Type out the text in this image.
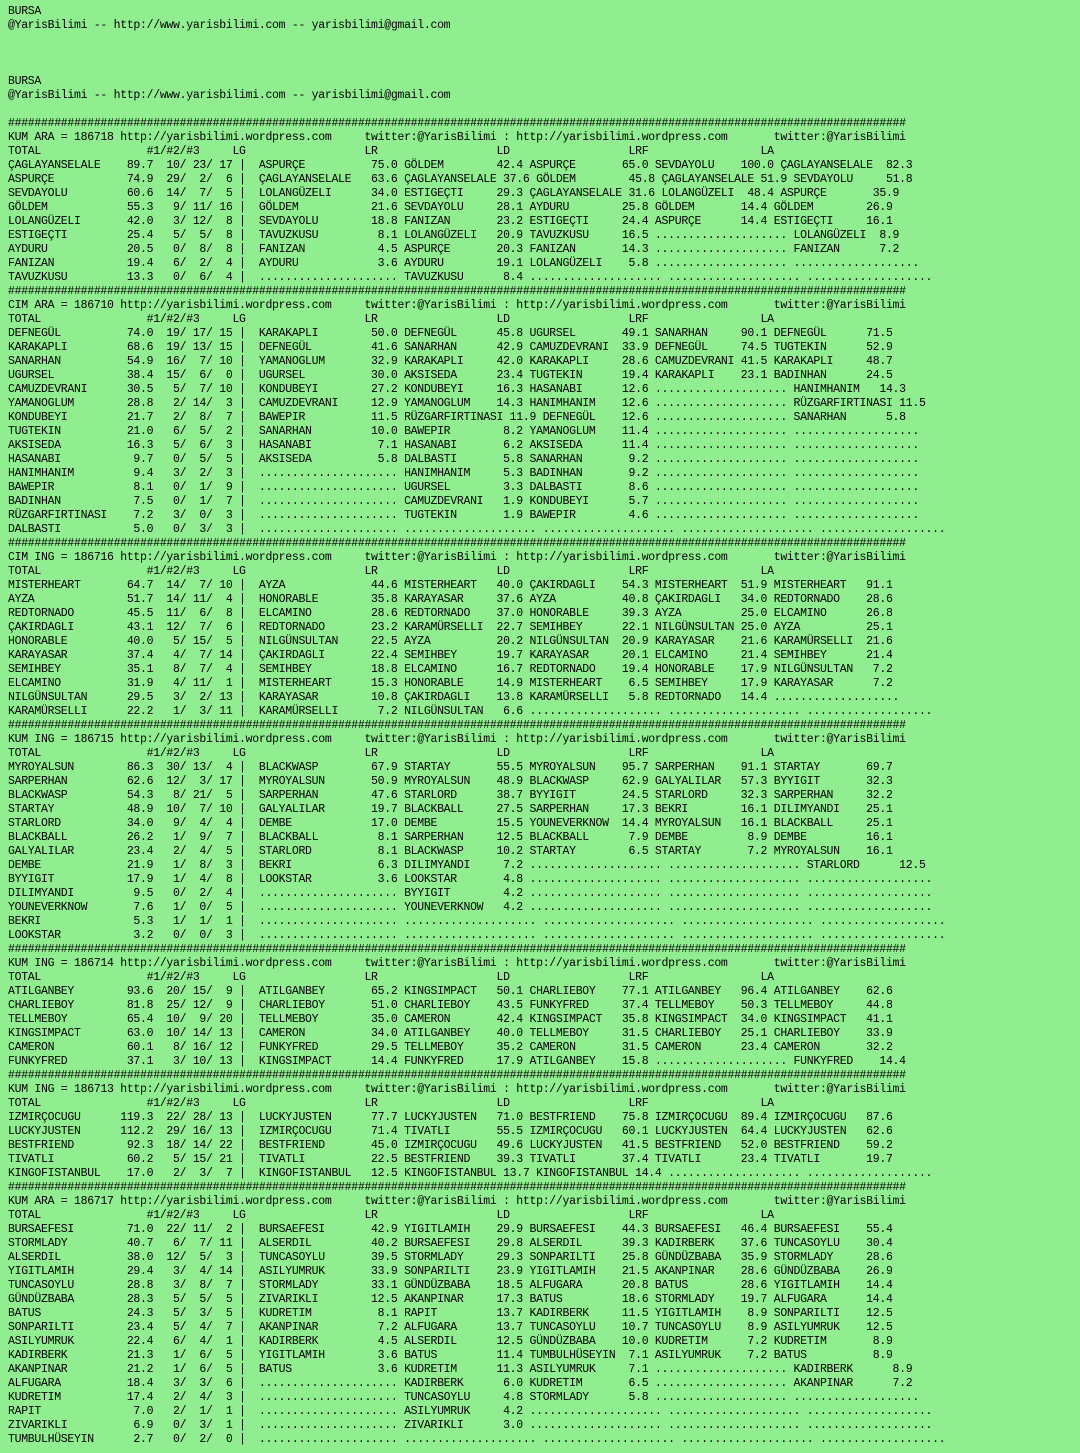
BURSA
@YarisBilimi -- http://www.yarisbilimi.com -- yarisbilimi@gmail.com

BURSA
@YarisBilimi -- http://www.yarisbilimi.com -- yarisbilimi@gmail.com

########################################################################################################################################
KUM ARA = 186718 http://yarisbilimi.wordpress.com     twitter:@YarisBilimi : http://yarisbilimi.wordpress.com       twitter:@YarisBilimi
TOTAL                #1/#2/#3     LG                  LR                  LD                  LRF                 LA
ÇAGLAYANSELALE    89.7  10/ 23/ 17 |  ASPURÇE          75.0 GÖLDEM        42.4 ASPURÇE       65.0 SEVDAYOLU    100.0 ÇAGLAYANSELALE  82.3
ASPURÇE           74.9  29/  2/  6 |  ÇAGLAYANSELALE   63.6 ÇAGLAYANSELALE 37.6 GÖLDEM        45.8 ÇAGLAYANSELALE 51.9 SEVDAYOLU     51.8
SEVDAYOLU         60.6  14/  7/  5 |  LOLANGÜZELI      34.0 ESTIGEÇTI     29.3 ÇAGLAYANSELALE 31.6 LOLANGÜZELI  48.4 ASPURÇE       35.9
GÖLDEM            55.3   9/ 11/ 16 |  GÖLDEM           21.6 SEVDAYOLU     28.1 AYDURU        25.8 GÖLDEM       14.4 GÖLDEM        26.9
LOLANGÜZELI       42.0   3/ 12/  8 |  SEVDAYOLU        18.8 FANIZAN       23.2 ESTIGEÇTI     24.4 ASPURÇE      14.4 ESTIGEÇTI     16.1
ESTIGEÇTI         25.4   5/  5/  8 |  TAVUZKUSU         8.1 LOLANGÜZELI   20.9 TAVUZKUSU     16.5 .................... LOLANGÜZELI  8.9
AYDURU            20.5   0/  8/  8 |  FANIZAN           4.5 ASPURÇE       20.3 FANIZAN       14.3 .................... FANIZAN      7.2
FANIZAN           19.4   6/  2/  4 |  AYDURU            3.6 AYDURU        19.1 LOLANGÜZELI    5.8 .................... ...................
TAVUZKUSU         13.3   0/  6/  4 |  ..................... TAVUZKUSU      8.4 .................... .................... ...................
########################################################################################################################################
CIM ARA = 186710 http://yarisbilimi.wordpress.com     twitter:@YarisBilimi : http://yarisbilimi.wordpress.com       twitter:@YarisBilimi
TOTAL                #1/#2/#3     LG                  LR                  LD                  LRF                 LA
DEFNEGÜL          74.0  19/ 17/ 15 |  KARAKAPLI        50.0 DEFNEGÜL      45.8 UGURSEL       49.1 SANARHAN     90.1 DEFNEGÜL      71.5
KARAKAPLI         68.6  19/ 13/ 15 |  DEFNEGÜL         41.6 SANARHAN      42.9 CAMUZDEVRANI  33.9 DEFNEGÜL     74.5 TUGTEKIN      52.9
SANARHAN          54.9  16/  7/ 10 |  YAMANOGLUM       32.9 KARAKAPLI     42.0 KARAKAPLI     28.6 CAMUZDEVRANI 41.5 KARAKAPLI     48.7
UGURSEL           38.4  15/  6/  0 |  UGURSEL          30.0 AKSISEDA      23.4 TUGTEKIN      19.4 KARAKAPLI    23.1 BADINHAN      24.5
CAMUZDEVRANI      30.5   5/  7/ 10 |  KONDUBEYI        27.2 KONDUBEYI     16.3 HASANABI      12.6 .................... HANIMHANIM   14.3
YAMANOGLUM        28.8   2/ 14/  3 |  CAMUZDEVRANI     12.9 YAMANOGLUM    14.3 HANIMHANIM    12.6 .................... RÜZGARFIRTINASI 11.5
KONDUBEYI         21.7   2/  8/  7 |  BAWEPIR          11.5 RÜZGARFIRTINASI 11.9 DEFNEGÜL    12.6 .................... SANARHAN      5.8
TUGTEKIN          21.0   6/  5/  2 |  SANARHAN         10.0 BAWEPIR        8.2 YAMANOGLUM    11.4 .................... ...................
AKSISEDA          16.3   5/  6/  3 |  HASANABI          7.1 HASANABI       6.2 AKSISEDA      11.4 .................... ...................
HASANABI           9.7   0/  5/  5 |  AKSISEDA          5.8 DALBASTI       5.8 SANARHAN       9.2 .................... ...................
HANIMHANIM         9.4   3/  2/  3 |  ..................... HANIMHANIM     5.3 BADINHAN       9.2 .................... ...................
BAWEPIR            8.1   0/  1/  9 |  ..................... UGURSEL        3.3 DALBASTI       8.6 .................... ...................
BADINHAN           7.5   0/  1/  7 |  ..................... CAMUZDEVRANI   1.9 KONDUBEYI      5.7 .................... ...................
RÜZGARFIRTINASI    7.2   3/  0/  3 |  ..................... TUGTEKIN       1.9 BAWEPIR        4.6 .................... ...................
DALBASTI           5.0   0/  3/  3 |  ..................... .................... .................... .................... ...................
########################################################################################################################################
CIM ING = 186716 http://yarisbilimi.wordpress.com     twitter:@YarisBilimi : http://yarisbilimi.wordpress.com       twitter:@YarisBilimi
TOTAL                #1/#2/#3     LG                  LR                  LD                  LRF                 LA
MISTERHEART       64.7  14/  7/ 10 |  AYZA             44.6 MISTERHEART   40.0 ÇAKIRDAGLI    54.3 MISTERHEART  51.9 MISTERHEART   91.1
AYZA              51.7  14/ 11/  4 |  HONORABLE        35.8 KARAYASAR     37.6 AYZA          40.8 ÇAKIRDAGLI   34.0 REDTORNADO    28.6
REDTORNADO        45.5  11/  6/  8 |  ELCAMINO         28.6 REDTORNADO    37.0 HONORABLE     39.3 AYZA         25.0 ELCAMINO      26.8
ÇAKIRDAGLI        43.1  12/  7/  6 |  REDTORNADO       23.2 KARAMÜRSELLI  22.7 SEMIHBEY      22.1 NILGÜNSULTAN 25.0 AYZA          25.1
HONORABLE         40.0   5/ 15/  5 |  NILGÜNSULTAN     22.5 AYZA          20.2 NILGÜNSULTAN  20.9 KARAYASAR    21.6 KARAMÜRSELLI  21.6
KARAYASAR         37.4   4/  7/ 14 |  ÇAKIRDAGLI       22.4 SEMIHBEY      19.7 KARAYASAR     20.1 ELCAMINO     21.4 SEMIHBEY      21.4
SEMIHBEY          35.1   8/  7/  4 |  SEMIHBEY         18.8 ELCAMINO      16.7 REDTORNADO    19.4 HONORABLE    17.9 NILGÜNSULTAN   7.2
ELCAMINO          31.9   4/ 11/  1 |  MISTERHEART      15.3 HONORABLE     14.9 MISTERHEART    6.5 SEMIHBEY     17.9 KARAYASAR      7.2
NILGÜNSULTAN      29.5   3/  2/ 13 |  KARAYASAR        10.8 ÇAKIRDAGLI    13.8 KARAMÜRSELLI   5.8 REDTORNADO   14.4 ...................
KARAMÜRSELLI      22.2   1/  3/ 11 |  KARAMÜRSELLI      7.2 NILGÜNSULTAN   6.6 .................... .................... ...................
########################################################################################################################################
KUM ING = 186715 http://yarisbilimi.wordpress.com     twitter:@YarisBilimi : http://yarisbilimi.wordpress.com       twitter:@YarisBilimi
TOTAL                #1/#2/#3     LG                  LR                  LD                  LRF                 LA
MYROYALSUN        86.3  30/ 13/  4 |  BLACKWASP        67.9 STARTAY       55.5 MYROYALSUN    95.7 SARPERHAN    91.1 STARTAY       69.7
SARPERHAN         62.6  12/  3/ 17 |  MYROYALSUN       50.9 MYROYALSUN    48.9 BLACKWASP     62.9 GALYALILAR   57.3 BYYIGIT       32.3
BLACKWASP         54.3   8/ 21/  5 |  SARPERHAN        47.6 STARLORD      38.7 BYYIGIT       24.5 STARLORD     32.3 SARPERHAN     32.2
STARTAY           48.9  10/  7/ 10 |  GALYALILAR       19.7 BLACKBALL     27.5 SARPERHAN     17.3 BEKRI        16.1 DILIMYANDI    25.1
STARLORD          34.0   9/  4/  4 |  DEMBE            17.0 DEMBE         15.5 YOUNEVERKNOW  14.4 MYROYALSUN   16.1 BLACKBALL     25.1
BLACKBALL         26.2   1/  9/  7 |  BLACKBALL         8.1 SARPERHAN     12.5 BLACKBALL      7.9 DEMBE         8.9 DEMBE         16.1
GALYALILAR        23.4   2/  4/  5 |  STARLORD          8.1 BLACKWASP     10.2 STARTAY        6.5 STARTAY       7.2 MYROYALSUN    16.1
DEMBE             21.9   1/  8/  3 |  BEKRI             6.3 DILIMYANDI     7.2 .................... .................... STARLORD      12.5
BYYIGIT           17.9   1/  4/  8 |  LOOKSTAR          3.6 LOOKSTAR       4.8 .................... .................... ...................
DILIMYANDI         9.5   0/  2/  4 |  ..................... BYYIGIT        4.2 .................... .................... ...................
YOUNEVERKNOW       7.6   1/  0/  5 |  ..................... YOUNEVERKNOW   4.2 .................... .................... ...................
BEKRI              5.3   1/  1/  1 |  ..................... .................... .................... .................... ...................
LOOKSTAR           3.2   0/  0/  3 |  ..................... .................... .................... .................... ...................
########################################################################################################################################
KUM ING = 186714 http://yarisbilimi.wordpress.com     twitter:@YarisBilimi : http://yarisbilimi.wordpress.com       twitter:@YarisBilimi
TOTAL                #1/#2/#3     LG                  LR                  LD                  LRF                 LA
ATILGANBEY        93.6  20/ 15/  9 |  ATILGANBEY       65.2 KINGSIMPACT   50.1 CHARLIEBOY    77.1 ATILGANBEY   96.4 ATILGANBEY    62.6
CHARLIEBOY        81.8  25/ 12/  9 |  CHARLIEBOY       51.0 CHARLIEBOY    43.5 FUNKYFRED     37.4 TELLMEBOY    50.3 TELLMEBOY     44.8
TELLMEBOY         65.4  10/  9/ 20 |  TELLMEBOY        35.0 CAMERON       42.4 KINGSIMPACT   35.8 KINGSIMPACT  34.0 KINGSIMPACT   41.1
KINGSIMPACT       63.0  10/ 14/ 13 |  CAMERON          34.0 ATILGANBEY    40.0 TELLMEBOY     31.5 CHARLIEBOY   25.1 CHARLIEBOY    33.9
CAMERON           60.1   8/ 16/ 12 |  FUNKYFRED        29.5 TELLMEBOY     35.2 CAMERON       31.5 CAMERON      23.4 CAMERON       32.2
FUNKYFRED         37.1   3/ 10/ 13 |  KINGSIMPACT      14.4 FUNKYFRED     17.9 ATILGANBEY    15.8 .................... FUNKYFRED    14.4
########################################################################################################################################
KUM ING = 186713 http://yarisbilimi.wordpress.com     twitter:@YarisBilimi : http://yarisbilimi.wordpress.com       twitter:@YarisBilimi
TOTAL                #1/#2/#3     LG                  LR                  LD                  LRF                 LA
IZMIRÇOCUGU      119.3  22/ 28/ 13 |  LUCKYJUSTEN      77.7 LUCKYJUSTEN   71.0 BESTFRIEND    75.8 IZMIRÇOCUGU  89.4 IZMIRÇOCUGU   87.6
LUCKYJUSTEN      112.2  29/ 16/ 13 |  IZMIRÇOCUGU      71.4 TIVATLI       55.5 IZMIRÇOCUGU   60.1 LUCKYJUSTEN  64.4 LUCKYJUSTEN   62.6
BESTFRIEND        92.3  18/ 14/ 22 |  BESTFRIEND       45.0 IZMIRÇOCUGU   49.6 LUCKYJUSTEN   41.5 BESTFRIEND   52.0 BESTFRIEND    59.2
TIVATLI           60.2   5/ 15/ 21 |  TIVATLI          22.5 BESTFRIEND    39.3 TIVATLI       37.4 TIVATLI      23.4 TIVATLI       19.7
KINGOFISTANBUL    17.0   2/  3/  7 |  KINGOFISTANBUL   12.5 KINGOFISTANBUL 13.7 KINGOFISTANBUL 14.4 .................... ...................
########################################################################################################################################
KUM ARA = 186717 http://yarisbilimi.wordpress.com     twitter:@YarisBilimi : http://yarisbilimi.wordpress.com       twitter:@YarisBilimi
TOTAL                #1/#2/#3     LG                  LR                  LD                  LRF                 LA
BURSAEFESI        71.0  22/ 11/  2 |  BURSAEFESI       42.9 YIGITLAMIH    29.9 BURSAEFESI    44.3 BURSAEFESI   46.4 BURSAEFESI    55.4
STORMLADY         40.7   6/  7/ 11 |  ALSERDIL         40.2 BURSAEFESI    29.8 ALSERDIL      39.3 KADIRBERK    37.6 TUNCASOYLU    30.4
ALSERDIL          38.0  12/  5/  3 |  TUNCASOYLU       39.5 STORMLADY     29.3 SONPARILTI    25.8 GÜNDÜZBABA   35.9 STORMLADY     28.6
YIGITLAMIH        29.4   3/  4/ 14 |  ASILYUMRUK       33.9 SONPARILTI    23.9 YIGITLAMIH    21.5 AKANPINAR    28.6 GÜNDÜZBABA    26.9
TUNCASOYLU        28.8   3/  8/  7 |  STORMLADY        33.1 GÜNDÜZBABA    18.5 ALFUGARA      20.8 BATUS        28.6 YIGITLAMIH    14.4
GÜNDÜZBABA        28.3   5/  5/  5 |  ZIVARIKLI        12.5 AKANPINAR     17.3 BATUS         18.6 STORMLADY    19.7 ALFUGARA      14.4
BATUS             24.3   5/  3/  5 |  KUDRETIM          8.1 RAPIT         13.7 KADIRBERK     11.5 YIGITLAMIH    8.9 SONPARILTI    12.5
SONPARILTI        23.4   5/  4/  7 |  AKANPINAR         7.2 ALFUGARA      13.7 TUNCASOYLU    10.7 TUNCASOYLU    8.9 ASILYUMRUK    12.5
ASILYUMRUK        22.4   6/  4/  1 |  KADIRBERK         4.5 ALSERDIL      12.5 GÜNDÜZBABA    10.0 KUDRETIM      7.2 KUDRETIM       8.9
KADIRBERK         21.3   1/  6/  5 |  YIGITLAMIH        3.6 BATUS         11.4 TUMBULHÜSEYIN  7.1 ASILYUMRUK    7.2 BATUS          8.9
AKANPINAR         21.2   1/  6/  5 |  BATUS             3.6 KUDRETIM      11.3 ASILYUMRUK     7.1 .................... KADIRBERK      8.9
ALFUGARA          18.4   3/  3/  6 |  ..................... KADIRBERK      6.0 KUDRETIM       6.5 .................... AKANPINAR      7.2
KUDRETIM          17.4   2/  4/  3 |  ..................... TUNCASOYLU     4.8 STORMLADY      5.8 .................... ...................
RAPIT              7.0   2/  1/  1 |  ..................... ASILYUMRUK     4.2 .................... .................... ...................
ZIVARIKLI          6.9   0/  3/  1 |  ..................... ZIVARIKLI      3.0 .................... .................... ...................
TUMBULHÜSEYIN      2.7   0/  2/  0 |  ..................... .................... .................... .................... ...................
